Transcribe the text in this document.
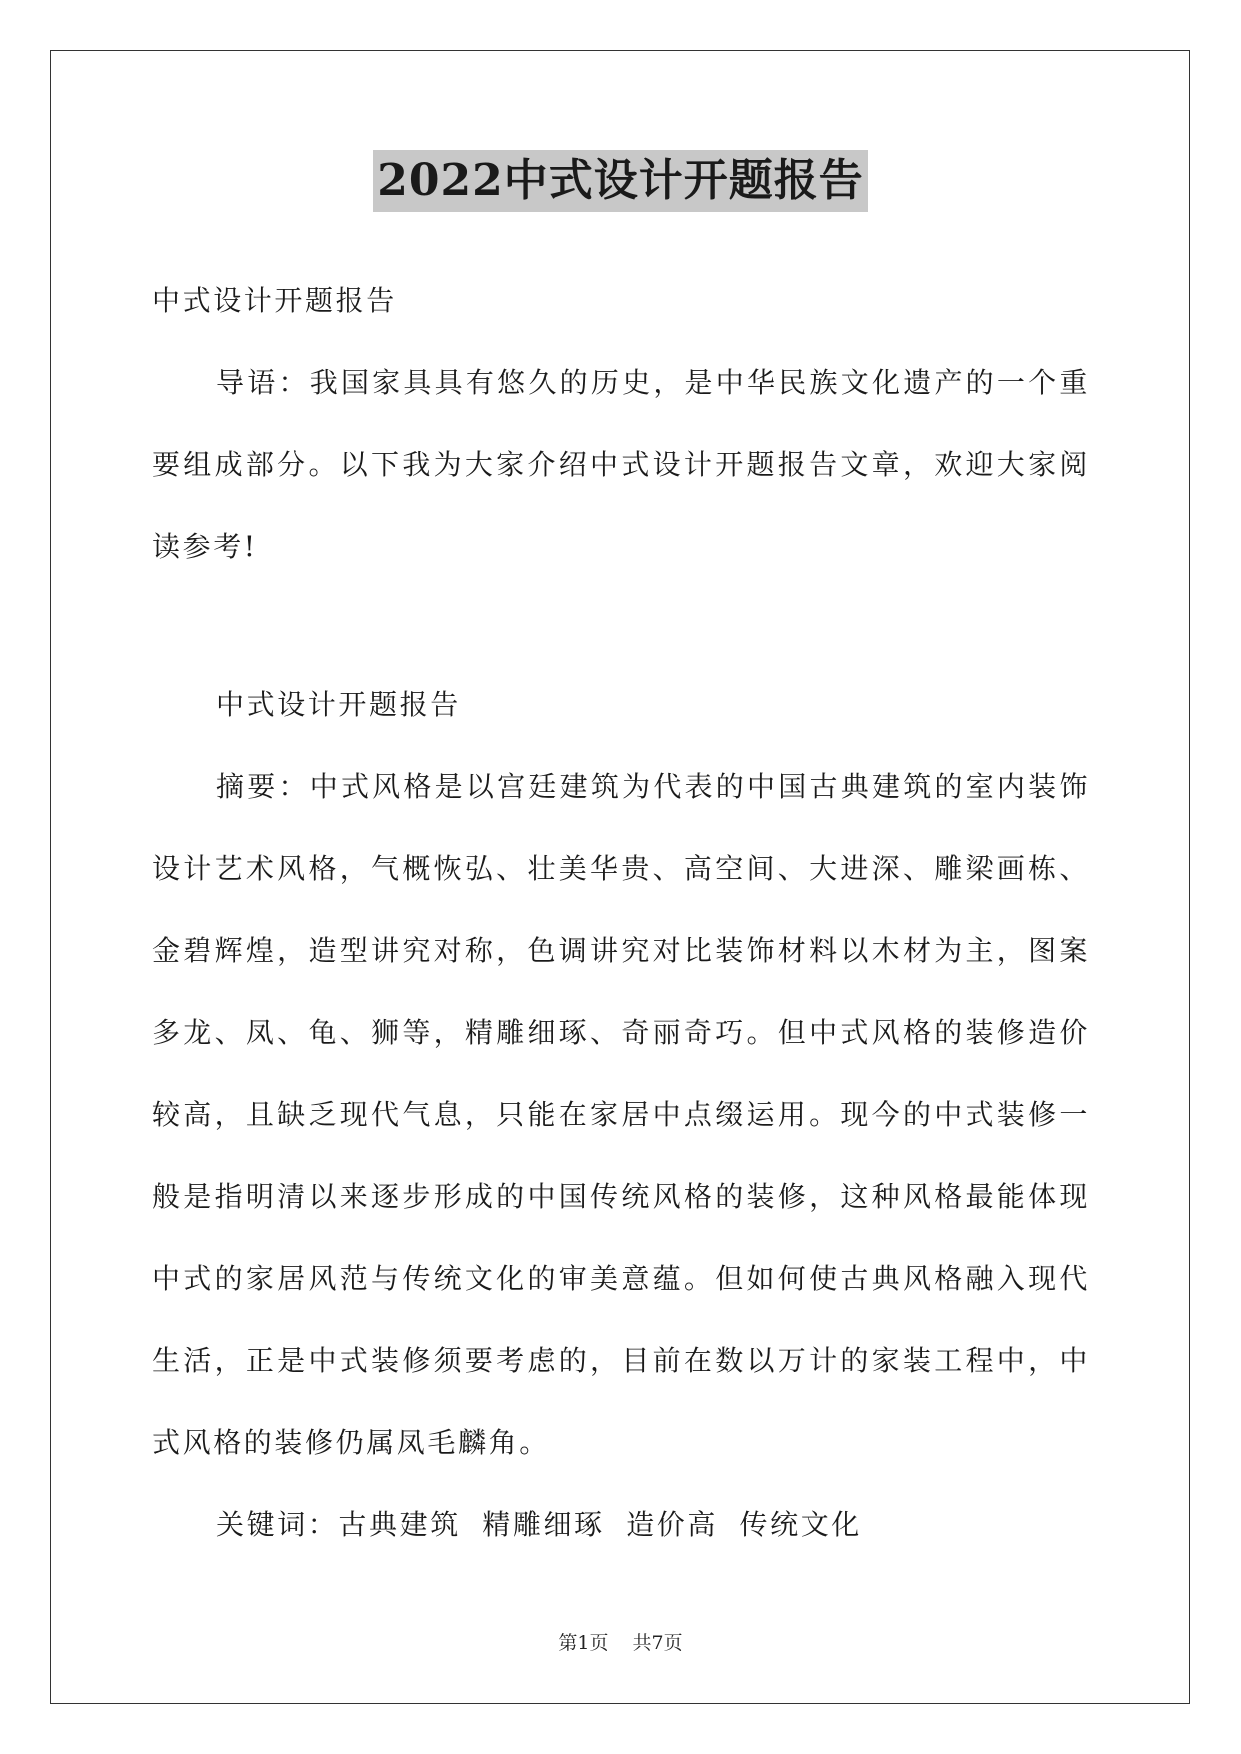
2022中式设计开题报告

中式设计开题报告

导语：我国家具具有悠久的历史，是中华民族文化遗产的一个重要组成部分。以下我为大家介绍中式设计开题报告文章，欢迎大家阅读参考!

中式设计开题报告

摘要：中式风格是以宫廷建筑为代表的中国古典建筑的室内装饰设计艺术风格，气概恢弘、壮美华贵、高空间、大进深、雕梁画栋、金碧辉煌，造型讲究对称，色调讲究对比装饰材料以木材为主，图案多龙、凤、龟、狮等，精雕细琢、奇丽奇巧。但中式风格的装修造价较高，且缺乏现代气息，只能在家居中点缀运用。现今的中式装修一般是指明清以来逐步形成的中国传统风格的装修，这种风格最能体现中式的家居风范与传统文化的审美意蕴。但如何使古典风格融入现代生活，正是中式装修须要考虑的，目前在数以万计的家装工程中，中式风格的装修仍属凤毛麟角。

关键词：古典建筑 精雕细琢 造价高 传统文化

第1页 共7页
